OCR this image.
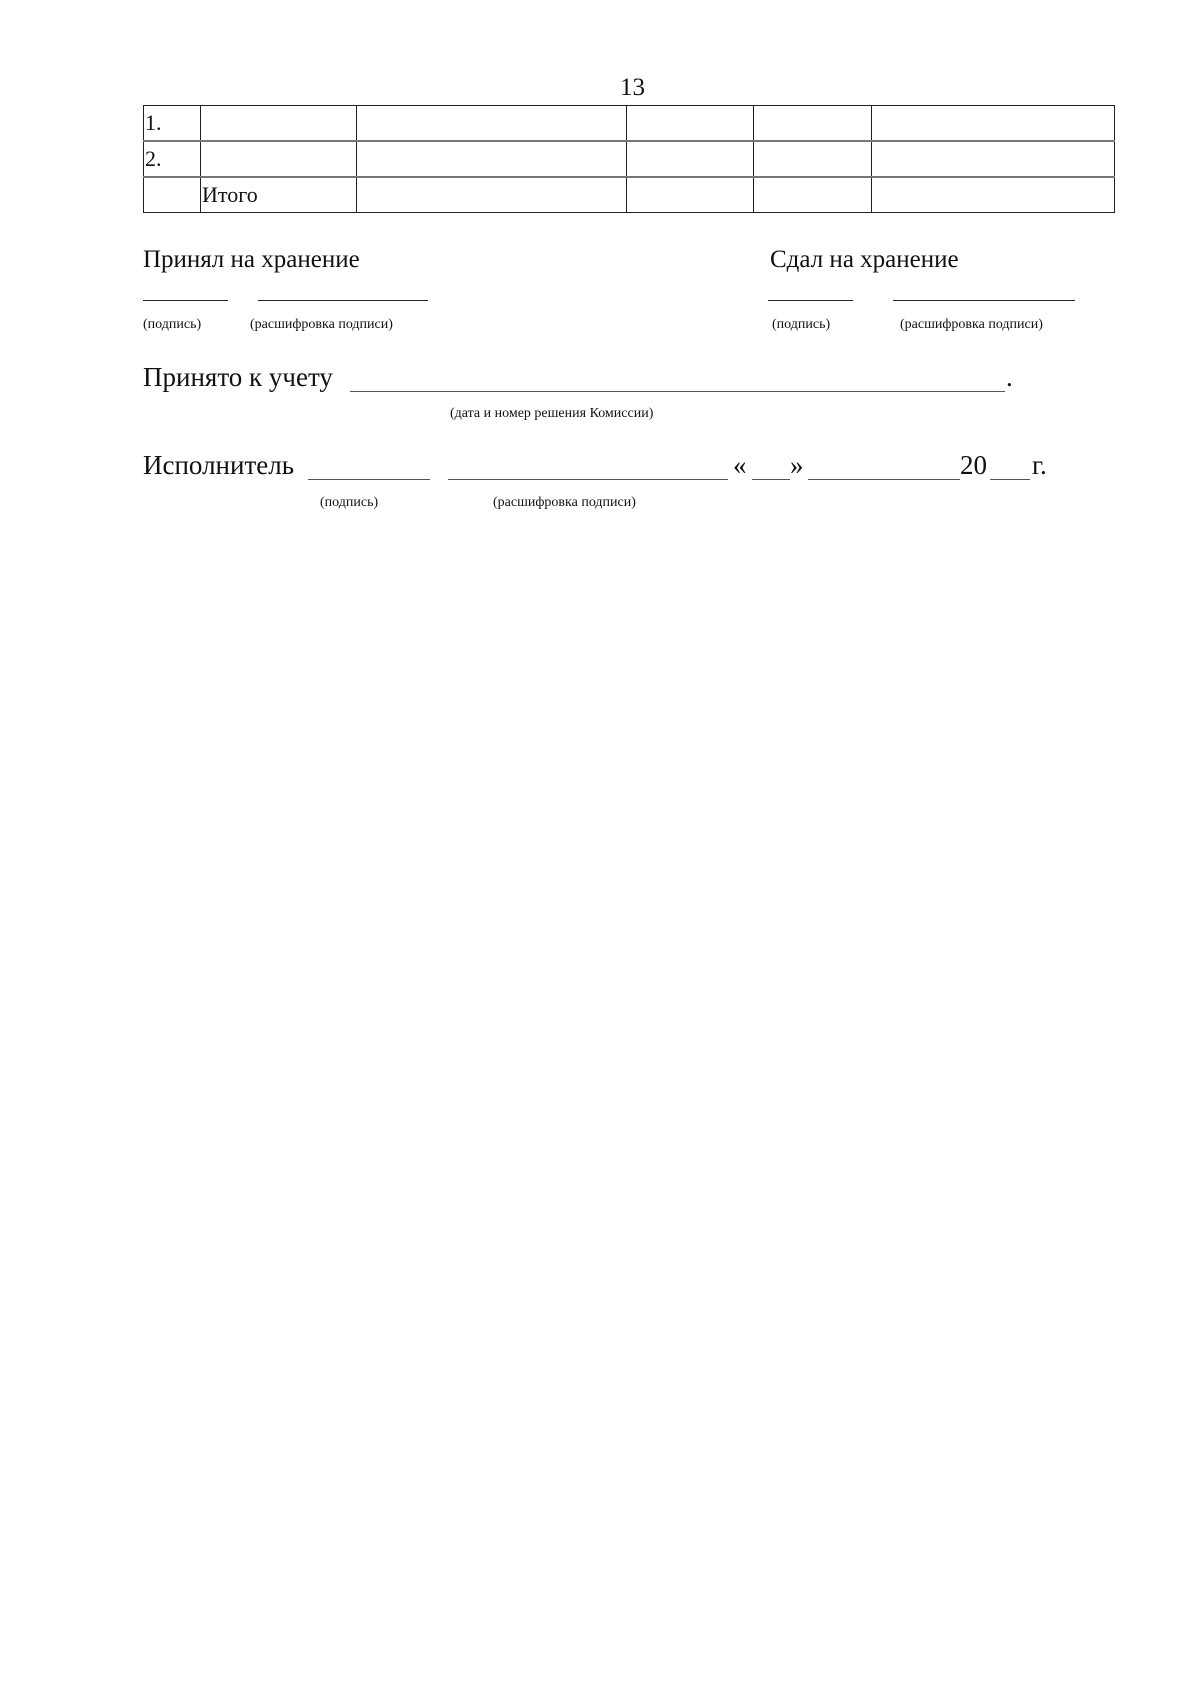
13
1.					
2.					
	Итого				
Принял на хранение
(подпись)	(расшифровка подписи)
Сдал на хранение
(подпись)	(расшифровка подписи)
Принято к учету	.
(дата и номер решения Комиссии)
Исполнитель	« »	20 г.
(подпись)	(расшифровка подписи)
